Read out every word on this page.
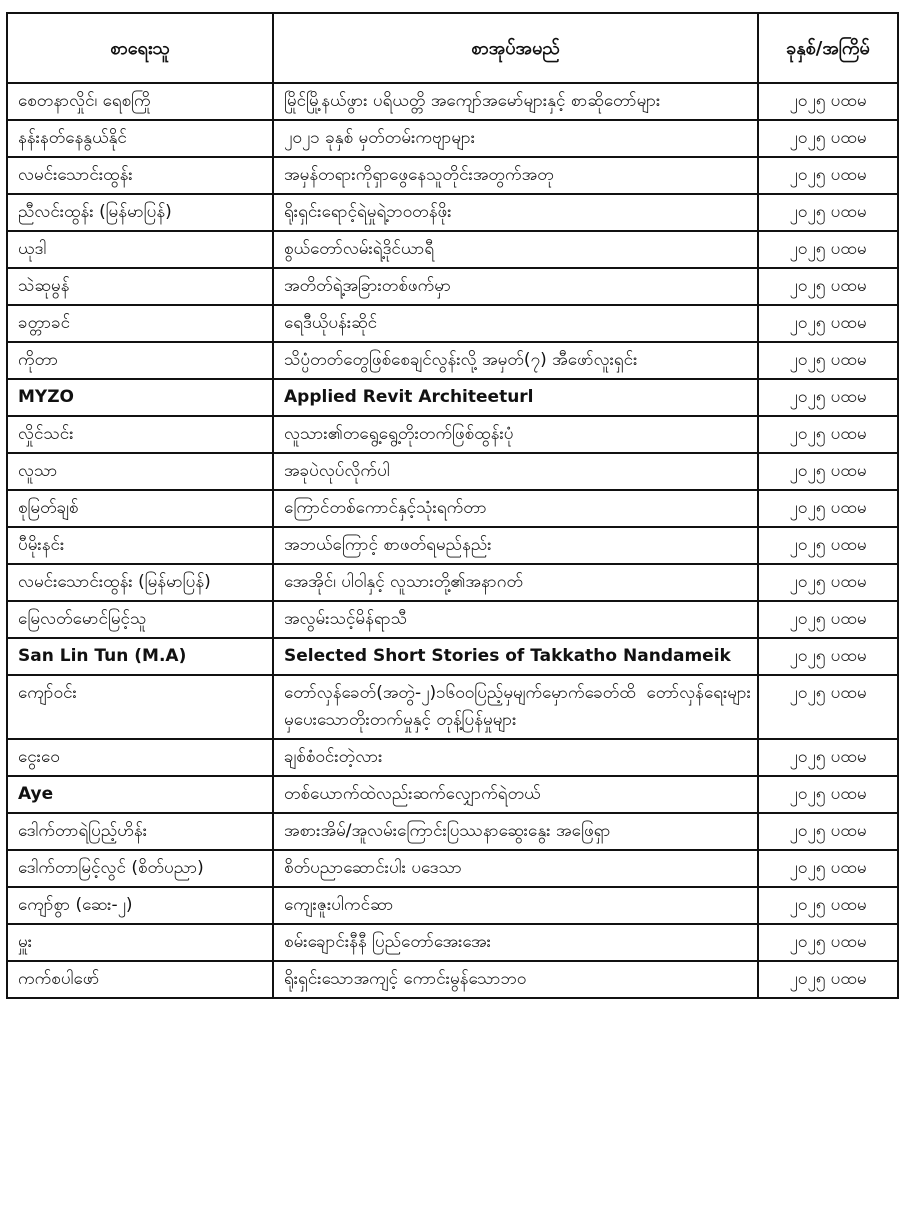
စာရေးသူ	စာအုပ်အမည်	ခုနှစ်/အကြိမ်
စေတနာလှိုင်၊ ရေစကြို	မြိုင်မြို့နယ်ဖွား ပရိယတ္တိ အကျော်အမော်များနှင့် စာဆိုတော်များ	၂၀၂၅ ပထမ
နန်းနတ်နေနွယ်နိုင်	၂၀၂၁ ခုနှစ် မှတ်တမ်းကဗျာများ	၂၀၂၅ ပထမ
လမင်းသောင်းထွန်း	အမှန်တရားကိုရှာဖွေနေသူတိုင်းအတွက်အတု	၂၀၂၅ ပထမ
ညီလင်းထွန်း (မြန်မာပြန်)	ရိုးရှင်းရောင့်ရဲမှုရဲ့ဘဝတန်ဖိုး	၂၀၂၅ ပထမ
ယုဒါ	စွယ်တော်လမ်းရဲ့ဒိုင်ယာရီ	၂၀၂၅ ပထမ
သဲဆုမွန်	အတိတ်ရဲ့အခြားတစ်ဖက်မှာ	၂၀၂၅ ပထမ
ခတ္တာခင်	ရေဒီယိုပန်းဆိုင်	၂၀၂၅ ပထမ
ကိုတာ	သိပ္ပံတတ်တွေဖြစ်စေချင်လွန်းလို့ အမှတ်(၇) အီဖော်လူးရှင်း	၂၀၂၅ ပထမ
MYZO	Applied Revit Architeeturl	၂၀၂၅ ပထမ
လှိုင်သင်း	လူသား၏တရွေ့ရွေ့တိုးတက်ဖြစ်ထွန်းပုံ	၂၀၂၅ ပထမ
လူသာ	အခုပဲလုပ်လိုက်ပါ	၂၀၂၅ ပထမ
စုမြတ်ချစ်	ကြောင်တစ်ကောင်နှင့်သုံးရက်တာ	၂၀၂၅ ပထမ
ပီမိုးနင်း	အဘယ်ကြောင့် စာဖတ်ရမည်နည်း	၂၀၂၅ ပထမ
လမင်းသောင်းထွန်း (မြန်မာပြန်)	အေအိုင်၊ ပါဝါနှင့် လူသားတို့၏အနာဂတ်	၂၀၂၅ ပထမ
မြေလတ်မောင်မြင့်သူ	အလွမ်းသင့်မိန်ရာသီ	၂၀၂၅ ပထမ
San Lin Tun (M.A)	Selected Short Stories of Takkatho Nandameik	၂၀၂၅ ပထမ
ကျော်ဝင်း	တော်လှန်ခေတ်(အတွဲ-၂)၁၆၀၀ပြည့်မှမျက်မှောက်ခေတ်ထိ တော်လှန်ရေးများမှပေးသောတိုးတက်မှုနှင့် တုန့်ပြန်မှုများ	၂၀၂၅ ပထမ
ငွေးဝေ	ချစ်စံဝင်းတဲ့လား	၂၀၂၅ ပထမ
Aye	တစ်ယောက်ထဲလည်းဆက်လျှောက်ရဲတယ်	၂၀၂၅ ပထမ
ဒေါက်တာရဲပြည့်ဟိန်း	အစားအိမ်/အူလမ်းကြောင်းပြဿနာဆွေးနွေး အဖြေရှာ	၂၀၂၅ ပထမ
ဒေါက်တာမြင့်လွင် (စိတ်ပညာ)	စိတ်ပညာဆောင်းပါး ပဒေသာ	၂၀၂၅ ပထမ
ကျော်စွာ (ဆေး-၂)	ကျေးဇူးပါကင်ဆာ	၂၀၂၅ ပထမ
မှူး	စမ်းချောင်းနီနီ ပြည်တော်အေးအေး	၂၀၂၅ ပထမ
ကက်စပါဖော်	ရိုးရှင်းသောအကျင့် ကောင်းမွန်သောဘဝ	၂၀၂၅ ပထမ
